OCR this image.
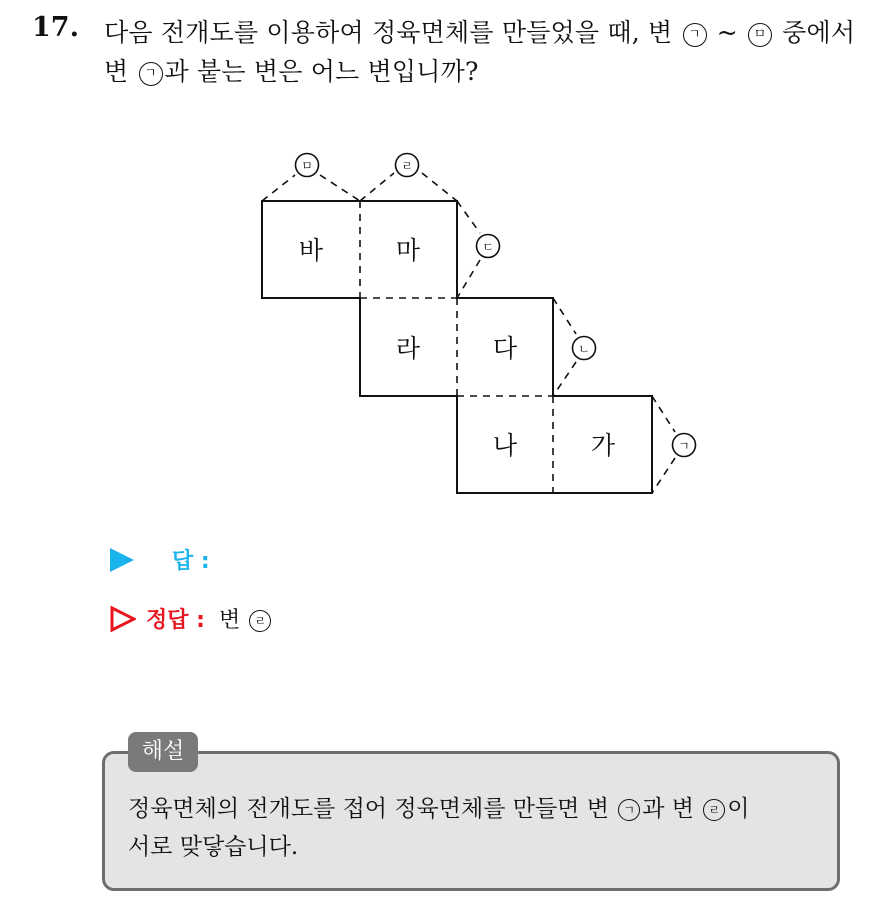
17. 다음 전개도를 이용하여 정육면체를 만들었을 때, 변 ㄱ ~ ㅁ 중에서
변 ㄱ 과 붙는 변은 어느 변입니까?
ㅁ	ㄹ
ㄷ
ㄴ
ㄱ
바	마
라	다
나	가
답 :
정답 : 변 ㄹ
해설
정육면체의 전개도를 접어 정육면체를 만들면 변 ㄱ 과 변 ㄹ 이
서로 맞닿습니다.
